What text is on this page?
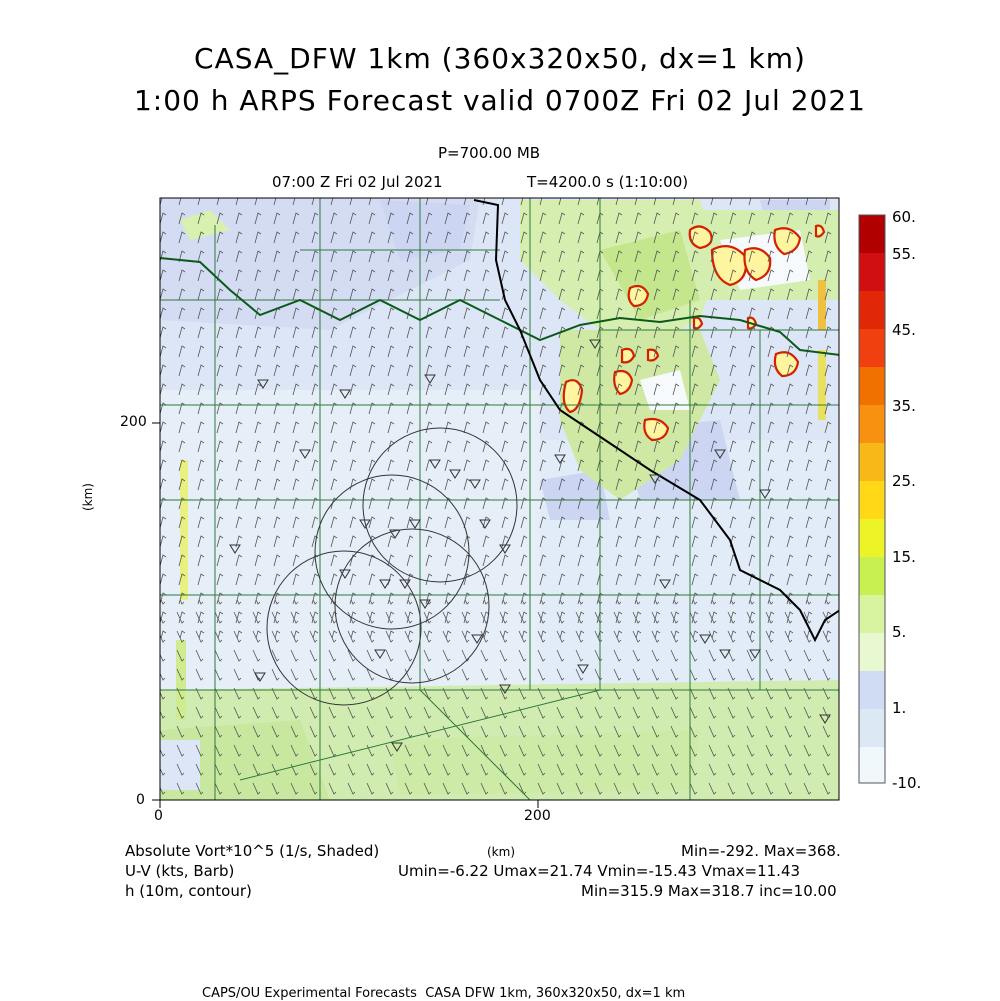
CASA_DFW 1km (360x320x50, dx=1 km)
1:00 h ARPS Forecast valid 0700Z Fri 02 Jul 2021
P=700.00 MB
07:00 Z Fri 02 Jul 2021	T=4200.0 s (1:10:00)
0
200
0	200
(km)
60.
55.
45.
35.
25.
15.
5.
1.
-10.
Absolute Vort*10^5 (1/s, Shaded)
U-V (kts, Barb)
h (10m, contour)
(km)	Min=-292. Max=368.
Umin=-6.22 Umax=21.74 Vmin=-15.43 Vmax=11.43
Min=315.9 Max=318.7 inc=10.00
CAPS/OU Experimental Forecasts  CASA DFW 1km, 360x320x50, dx=1 km
